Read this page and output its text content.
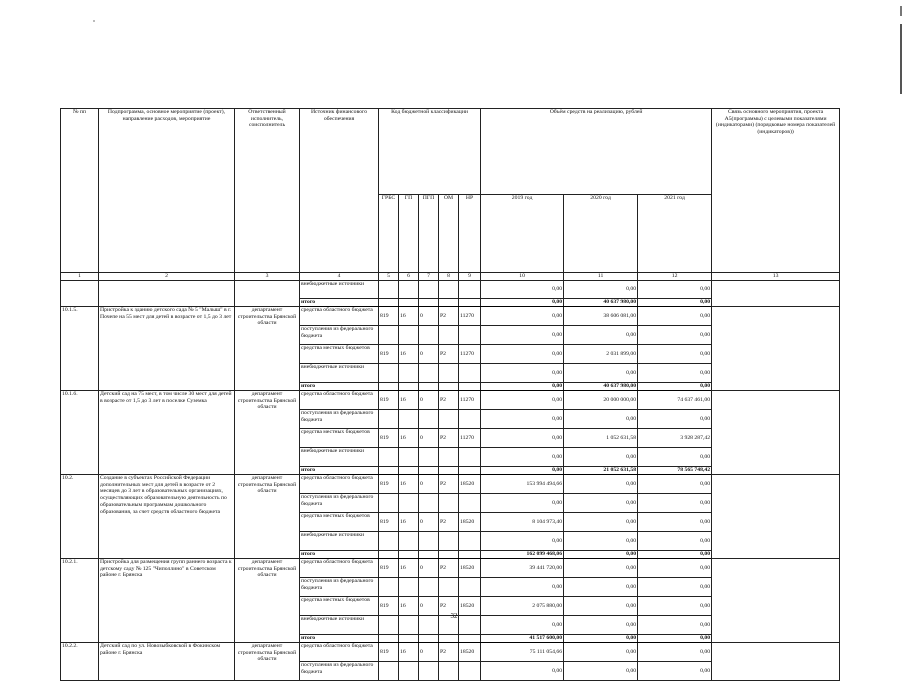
№ пп	Подпрограмма, основное мероприятие (проект), направление расходов, мероприятие	Ответственный исполнитель, соисполнитель	Источник финансового обеспечения	Код бюджетной классификации					Объём средств на реализацию, рублей			Связь основного мероприятия, проекта А5(программы) с целевыми показателями (индикаторами) (порядковые номера показателей (индикаторов))
				ГРБС	ГП	ПГП	ОМ	НР	2019 год	2020 год	2021 год	
1	2	3	4	5	6	7	8	9	10	11	12	13
			внебюджетные источники						0,00	0,00	0,00	
			итого						0,00	40 637 980,00	0,00	
10.1.5.	Пристройка к зданию детского сада № 5 "Малыш" в г. Почепе на 55 мест для детей в возрасте от 1,5 до 3 лет	департамент строительства Брянской области	средства областного бюджета	819	16	0	P2	11270	0,00	38 606 081,00	0,00	
			поступления из федерального бюджета						0,00	0,00	0,00	
			средства местных бюджетов	819	16	0	P2	11270	0,00	2 031 899,00	0,00	
			внебюджетные источники						0,00	0,00	0,00	
			итого						0,00	40 637 980,00	0,00	
10.1.6.	Детский сад на 75 мест, в том числе 30 мест для детей в возрасте от 1,5 до 3 лет в поселке Суземка	департамент строительства Брянской области	средства областного бюджета	819	16	0	P2	11270	0,00	20 000 000,00	74 637 461,00	
			поступления из федерального бюджета						0,00	0,00	0,00	
			средства местных бюджетов	819	16	0	P2	11270	0,00	1 052 631,58	3 928 287,42	
			внебюджетные источники						0,00	0,00	0,00	
			итого						0,00	21 052 631,58	78 565 748,42	
10.2.	Создание в субъектах Российской Федерации дополнительных мест для детей в возрасте от 2 месяцев до 3 лет в образовательных организациях, осуществляющих образовательную деятельность по образовательным программам дошкольного образования, за счет средств областного бюджета	департамент строительства Брянской области	средства областного бюджета	819	16	0	P2	18520	153 994 494,66	0,00	0,00	
			поступления из федерального бюджета						0,00	0,00	0,00	
			средства местных бюджетов	819	16	0	P2	18520	8 104 973,40	0,00	0,00	
			внебюджетные источники						0,00	0,00	0,00	
			итого						162 099 468,06	0,00	0,00	
10.2.1.	Пристройка для размещения групп раннего возраста к детскому саду № 125 "Чиполлино" в Советском районе г. Брянска	департамент строительства Брянской области	средства областного бюджета	819	16	0	P2	18520	39 441 720,00	0,00	0,00	
			поступления из федерального бюджета						0,00	0,00	0,00	
			средства местных бюджетов	819	16	0	P2	18520	2 075 880,00	0,00	0,00	
			внебюджетные источники						0,00	0,00	0,00	
			итого						41 517 600,00	0,00	0,00	
10.2.2.	Детский сад по ул. Новозыбковской в Фокинском районе г. Брянска	департамент строительства Брянской области	средства областного бюджета	819	16	0	P2	18520	75 111 054,66	0,00	0,00	
			поступления из федерального бюджета						0,00	0,00	0,00	
32
